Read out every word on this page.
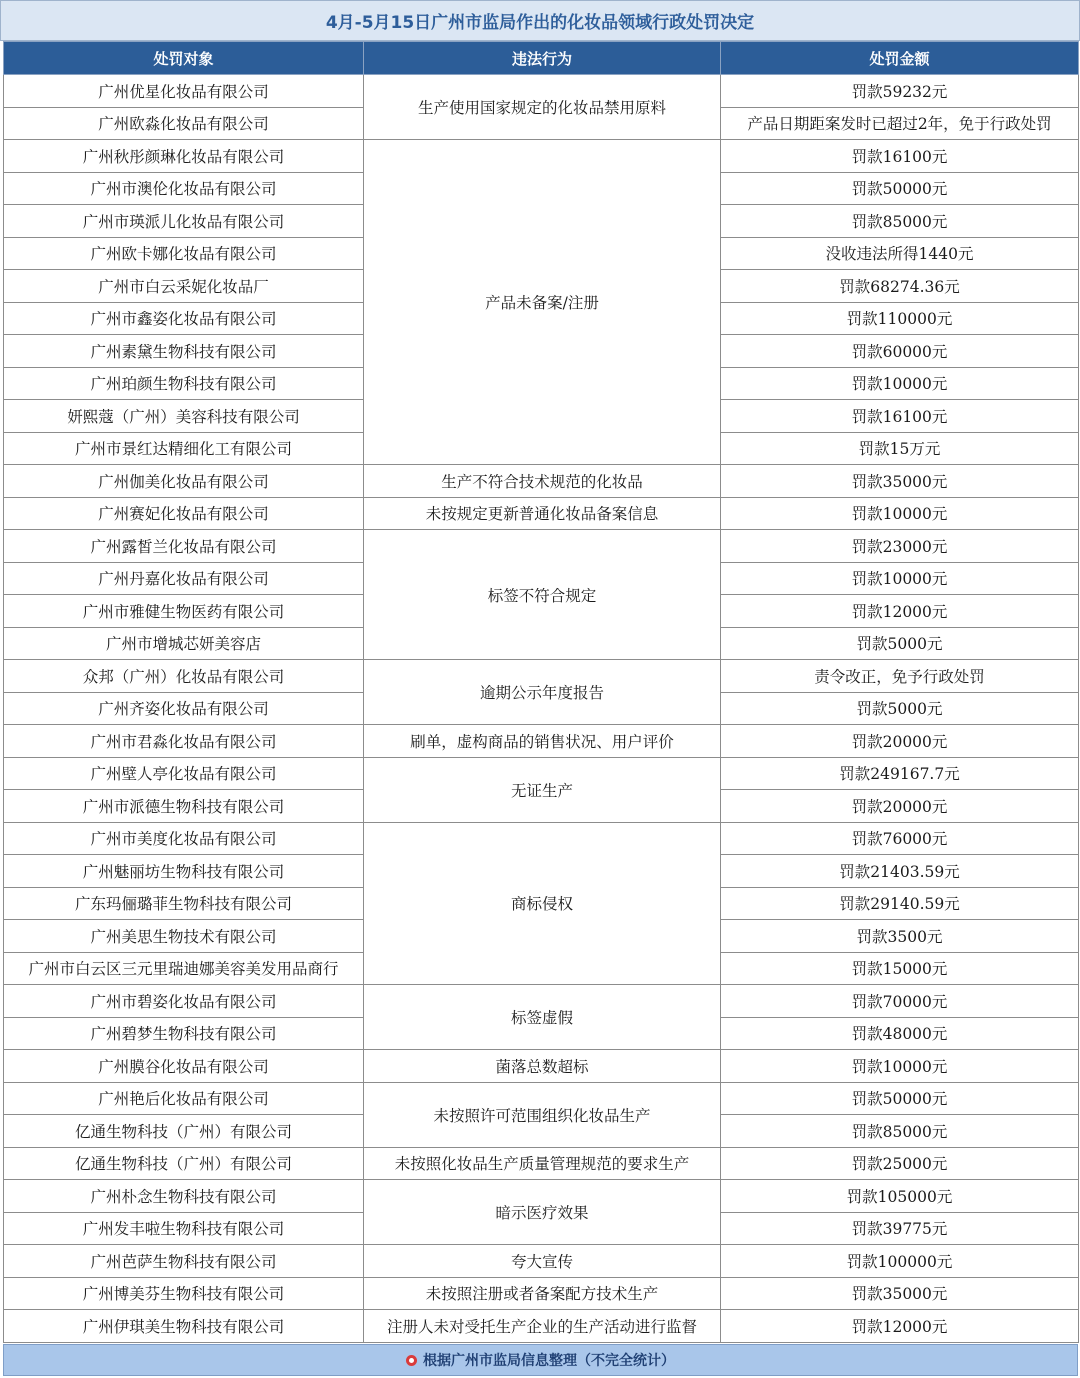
4月-5月15日广州市监局作出的化妆品领域行政处罚决定
处罚对象	违法行为	处罚金额
广州优星化妆品有限公司	生产使用国家规定的化妆品禁用原料	罚款59232元
广州欧淼化妆品有限公司		产品日期距案发时已超过2年，免于行政处罚
广州秋彤颜琳化妆品有限公司	产品未备案/注册	罚款16100元
广州市澳伦化妆品有限公司		罚款50000元
广州市瑛派儿化妆品有限公司		罚款85000元
广州欧卡娜化妆品有限公司		没收违法所得1440元
广州市白云采妮化妆品厂		罚款68274.36元
广州市鑫姿化妆品有限公司		罚款110000元
广州素黛生物科技有限公司		罚款60000元
广州珀颜生物科技有限公司		罚款10000元
妍熙蔻（广州）美容科技有限公司		罚款16100元
广州市景红达精细化工有限公司		罚款15万元
广州伽美化妆品有限公司	生产不符合技术规范的化妆品	罚款35000元
广州赛妃化妆品有限公司	未按规定更新普通化妆品备案信息	罚款10000元
广州露皙兰化妆品有限公司	标签不符合规定	罚款23000元
广州丹嘉化妆品有限公司		罚款10000元
广州市雅健生物医药有限公司		罚款12000元
广州市增城芯妍美容店		罚款5000元
众邦（广州）化妆品有限公司	逾期公示年度报告	责令改正，免予行政处罚
广州齐姿化妆品有限公司		罚款5000元
广州市君淼化妆品有限公司	刷单，虚构商品的销售状况、用户评价	罚款20000元
广州壁人亭化妆品有限公司	无证生产	罚款249167.7元
广州市派德生物科技有限公司		罚款20000元
广州市美度化妆品有限公司	商标侵权	罚款76000元
广州魅丽坊生物科技有限公司		罚款21403.59元
广东玛俪璐菲生物科技有限公司		罚款29140.59元
广州美思生物技术有限公司		罚款3500元
广州市白云区三元里瑞迪娜美容美发用品商行		罚款15000元
广州市碧姿化妆品有限公司	标签虚假	罚款70000元
广州碧梦生物科技有限公司		罚款48000元
广州膜谷化妆品有限公司	菌落总数超标	罚款10000元
广州艳后化妆品有限公司	未按照许可范围组织化妆品生产	罚款50000元
亿通生物科技（广州）有限公司		罚款85000元
亿通生物科技（广州）有限公司	未按照化妆品生产质量管理规范的要求生产	罚款25000元
广州朴念生物科技有限公司	暗示医疗效果	罚款105000元
广州发丰啦生物科技有限公司		罚款39775元
广州芭萨生物科技有限公司	夸大宣传	罚款100000元
广州博美芬生物科技有限公司	未按照注册或者备案配方技术生产	罚款35000元
广州伊琪美生物科技有限公司	注册人未对受托生产企业的生产活动进行监督	罚款12000元
根据广州市监局信息整理（不完全统计）
